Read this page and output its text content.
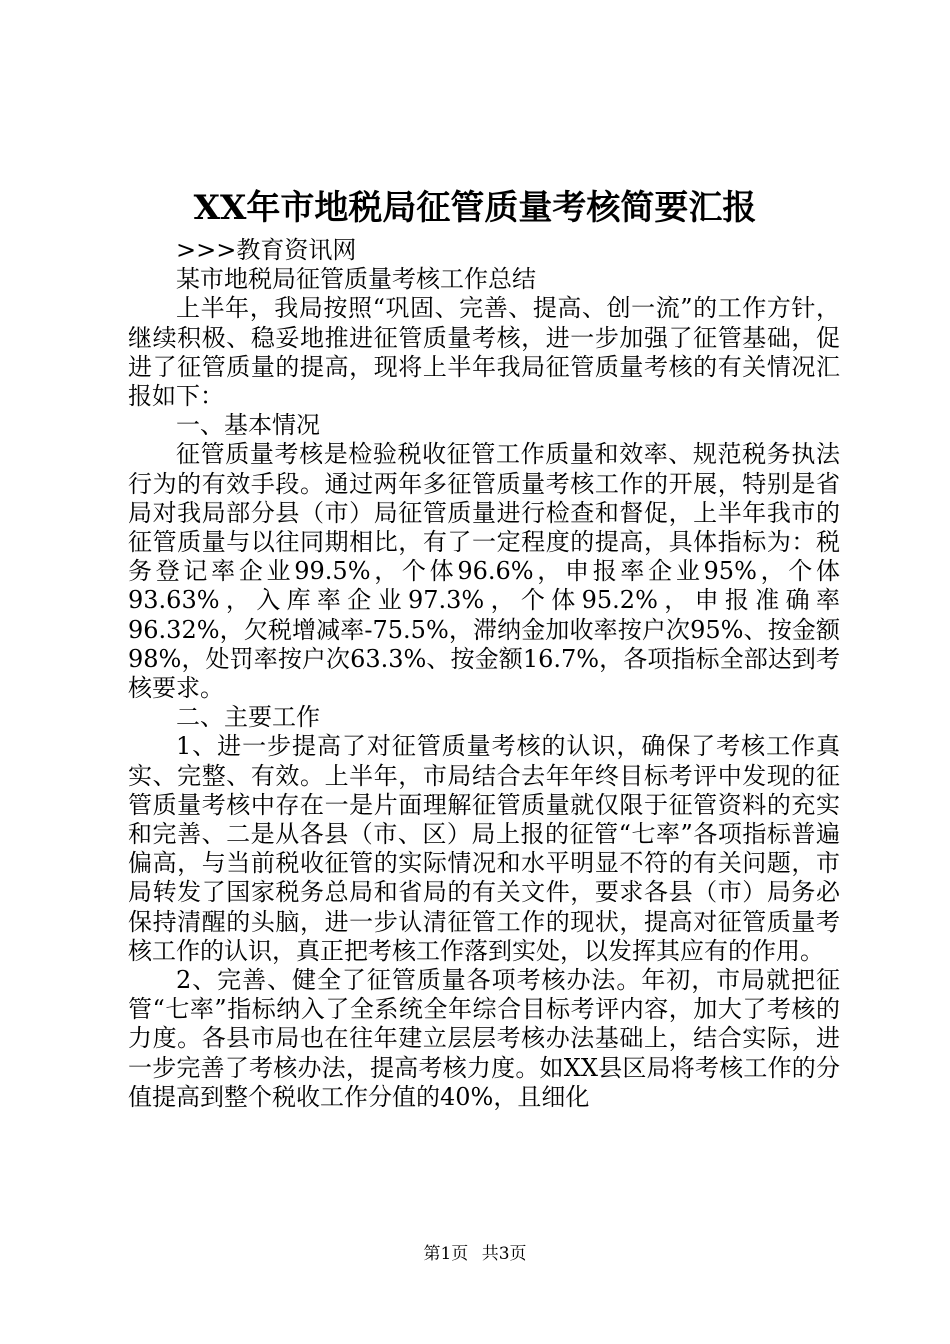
XX年市地税局征管质量考核简要汇报

>>>教育资讯网

某市地税局征管质量考核工作总结

上半年，我局按照“巩固、完善、提高、创一流”的工作方针，继续积极、稳妥地推进征管质量考核，进一步加强了征管基础，促进了征管质量的提高，现将上半年我局征管质量考核的有关情况汇报如下：

一、基本情况

征管质量考核是检验税收征管工作质量和效率、规范税务执法行为的有效手段。通过两年多征管质量考核工作的开展，特别是省局对我局部分县（市）局征管质量进行检查和督促，上半年我市的征管质量与以往同期相比，有了一定程度的提高，具体指标为：税务登记率企业99.5%，个体96.6%，申报率企业95%，个体93.63%，入库率企业97.3%，个体95.2%，申报准确率96.32%，欠税增减率-75.5%，滞纳金加收率按户次95%、按金额98%，处罚率按户次63.3%、按金额16.7%，各项指标全部达到考核要求。

二、主要工作

1、进一步提高了对征管质量考核的认识，确保了考核工作真实、完整、有效。上半年，市局结合去年年终目标考评中发现的征管质量考核中存在一是片面理解征管质量就仅限于征管资料的充实和完善、二是从各县（市、区）局上报的征管“七率”各项指标普遍偏高，与当前税收征管的实际情况和水平明显不符的有关问题，市局转发了国家税务总局和省局的有关文件，要求各县（市）局务必保持清醒的头脑，进一步认清征管工作的现状，提高对征管质量考核工作的认识，真正把考核工作落到实处，以发挥其应有的作用。

2、完善、健全了征管质量各项考核办法。年初，市局就把征管“七率”指标纳入了全系统全年综合目标考评内容，加大了考核的力度。各县市局也在往年建立层层考核办法基础上，结合实际，进一步完善了考核办法，提高考核力度。如XX县区局将考核工作的分值提高到整个税收工作分值的40%，且细化

第1页 共3页
